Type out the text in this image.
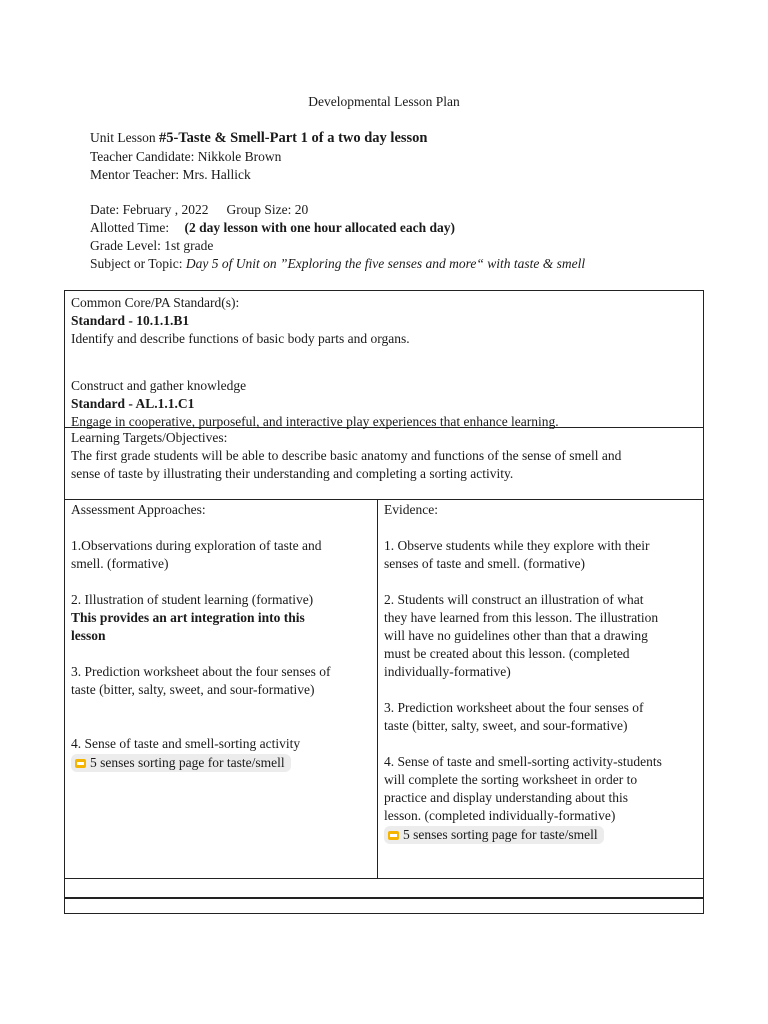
Developmental Lesson Plan
Unit Lesson #5-Taste & Smell-Part 1 of a two day lesson
Teacher Candidate: Nikkole Brown
Mentor Teacher: Mrs. Hallick
Date: February , 2022 Group Size: 20
Allotted Time: (2 day lesson with one hour allocated each day)
Grade Level: 1st grade
Subject or Topic: Day 5 of Unit on ”Exploring the five senses and more“ with taste & smell

Common Core/PA Standard(s):

Standard - 10.1.1.B1

Identify and describe functions of basic body parts and organs.

Construct and gather knowledge

Standard - AL.1.1.C1

Engage in cooperative, purposeful, and interactive play experiences that enhance learning.

Learning Targets/Objectives:

The first grade students will be able to describe basic anatomy and functions of the sense of smell and

sense of taste by illustrating their understanding and completing a sorting activity.

Assessment Approaches:

1.Observations during exploration of taste and

smell. (formative)

2. Illustration of student learning (formative)

This provides an art integration into this

lesson

3. Prediction worksheet about the four senses of

taste (bitter, salty, sweet, and sour-formative)

4. Sense of taste and smell-sorting activity

5 senses sorting page for taste/smell

Evidence:

1. Observe students while they explore with their

senses of taste and smell. (formative)

2. Students will construct an illustration of what

they have learned from this lesson. The illustration

will have no guidelines other than that a drawing

must be created about this lesson. (completed

individually-formative)

3. Prediction worksheet about the four senses of

taste (bitter, salty, sweet, and sour-formative)

4. Sense of taste and smell-sorting activity-students

will complete the sorting worksheet in order to

practice and display understanding about this

lesson. (completed individually-formative)

5 senses sorting page for taste/smell
